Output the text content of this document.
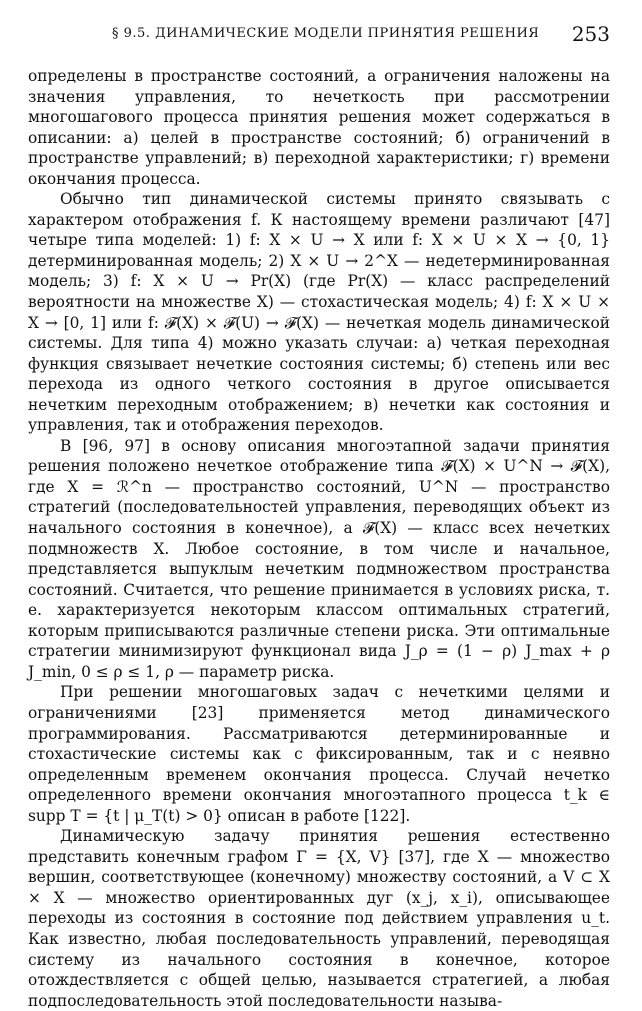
§ 9.5. ДИНАМИЧЕСКИЕ МОДЕЛИ ПРИНЯТИЯ РЕШЕНИЯ 253

определены в пространстве состояний, а ограничения наложены на значения управления, то нечеткость при рассмотрении многошагового процесса принятия решения может содержаться в описании: а) целей в пространстве состояний; б) ограничений в пространстве управлений; в) переходной характеристики; г) времени окончания процесса.

Обычно тип динамической системы принято связывать с характером отображения f. К настоящему времени различают [47] четыре типа моделей: 1) f: X × U → X или f: X × U × X → {0, 1} детерминированная модель; 2) X × U → 2^X — недетерминированная модель; 3) f: X × U → Pr(X) (где Pr(X) — класс распределений вероятности на множестве X) — стохастическая модель; 4) f: X × U × X → [0, 1] или f: 𝓕(X) × 𝓕(U) → 𝓕(X) — нечеткая модель динамической системы. Для типа 4) можно указать случаи: а) четкая переходная функция связывает нечеткие состояния системы; б) степень или вес перехода из одного четкого состояния в другое описывается нечетким переходным отображением; в) нечетки как состояния и управления, так и отображения переходов.

В [96, 97] в основу описания многоэтапной задачи принятия решения положено нечеткое отображение типа 𝓕(X) × U^N → 𝓕(X), где X = ℛ^n — пространство состояний, U^N — пространство стратегий (последовательностей управления, переводящих объект из начального состояния в конечное), а 𝓕(X) — класс всех нечетких подмножеств X. Любое состояние, в том числе и начальное, представляется выпуклым нечетким подмножеством пространства состояний. Считается, что решение принимается в условиях риска, т. е. характеризуется некоторым классом оптимальных стратегий, которым приписываются различные степени риска. Эти оптимальные стратегии минимизируют функционал вида J_ρ = (1 − ρ) J_max + ρ J_min, 0 ≤ ρ ≤ 1, ρ — параметр риска.

При решении многошаговых задач с нечеткими целями и ограничениями [23] применяется метод динамического программирования. Рассматриваются детерминированные и стохастические системы как с фиксированным, так и с неявно определенным временем окончания процесса. Случай нечетко определенного времени окончания многоэтапного процесса t_k ∈ supp T = {t | μ_T(t) > 0} описан в работе [122].

Динамическую задачу принятия решения естественно представить конечным графом Γ = {X, V} [37], где X — множество вершин, соответствующее (конечному) множеству состояний, а V ⊂ X × X — множество ориентированных дуг (x_j, x_i), описывающее переходы из состояния в состояние под действием управления u_t. Как известно, любая последовательность управлений, переводящая систему из начального состояния в конечное, которое отождествляется с общей целью, называется стратегией, а любая подпоследовательность этой последовательности называ-
